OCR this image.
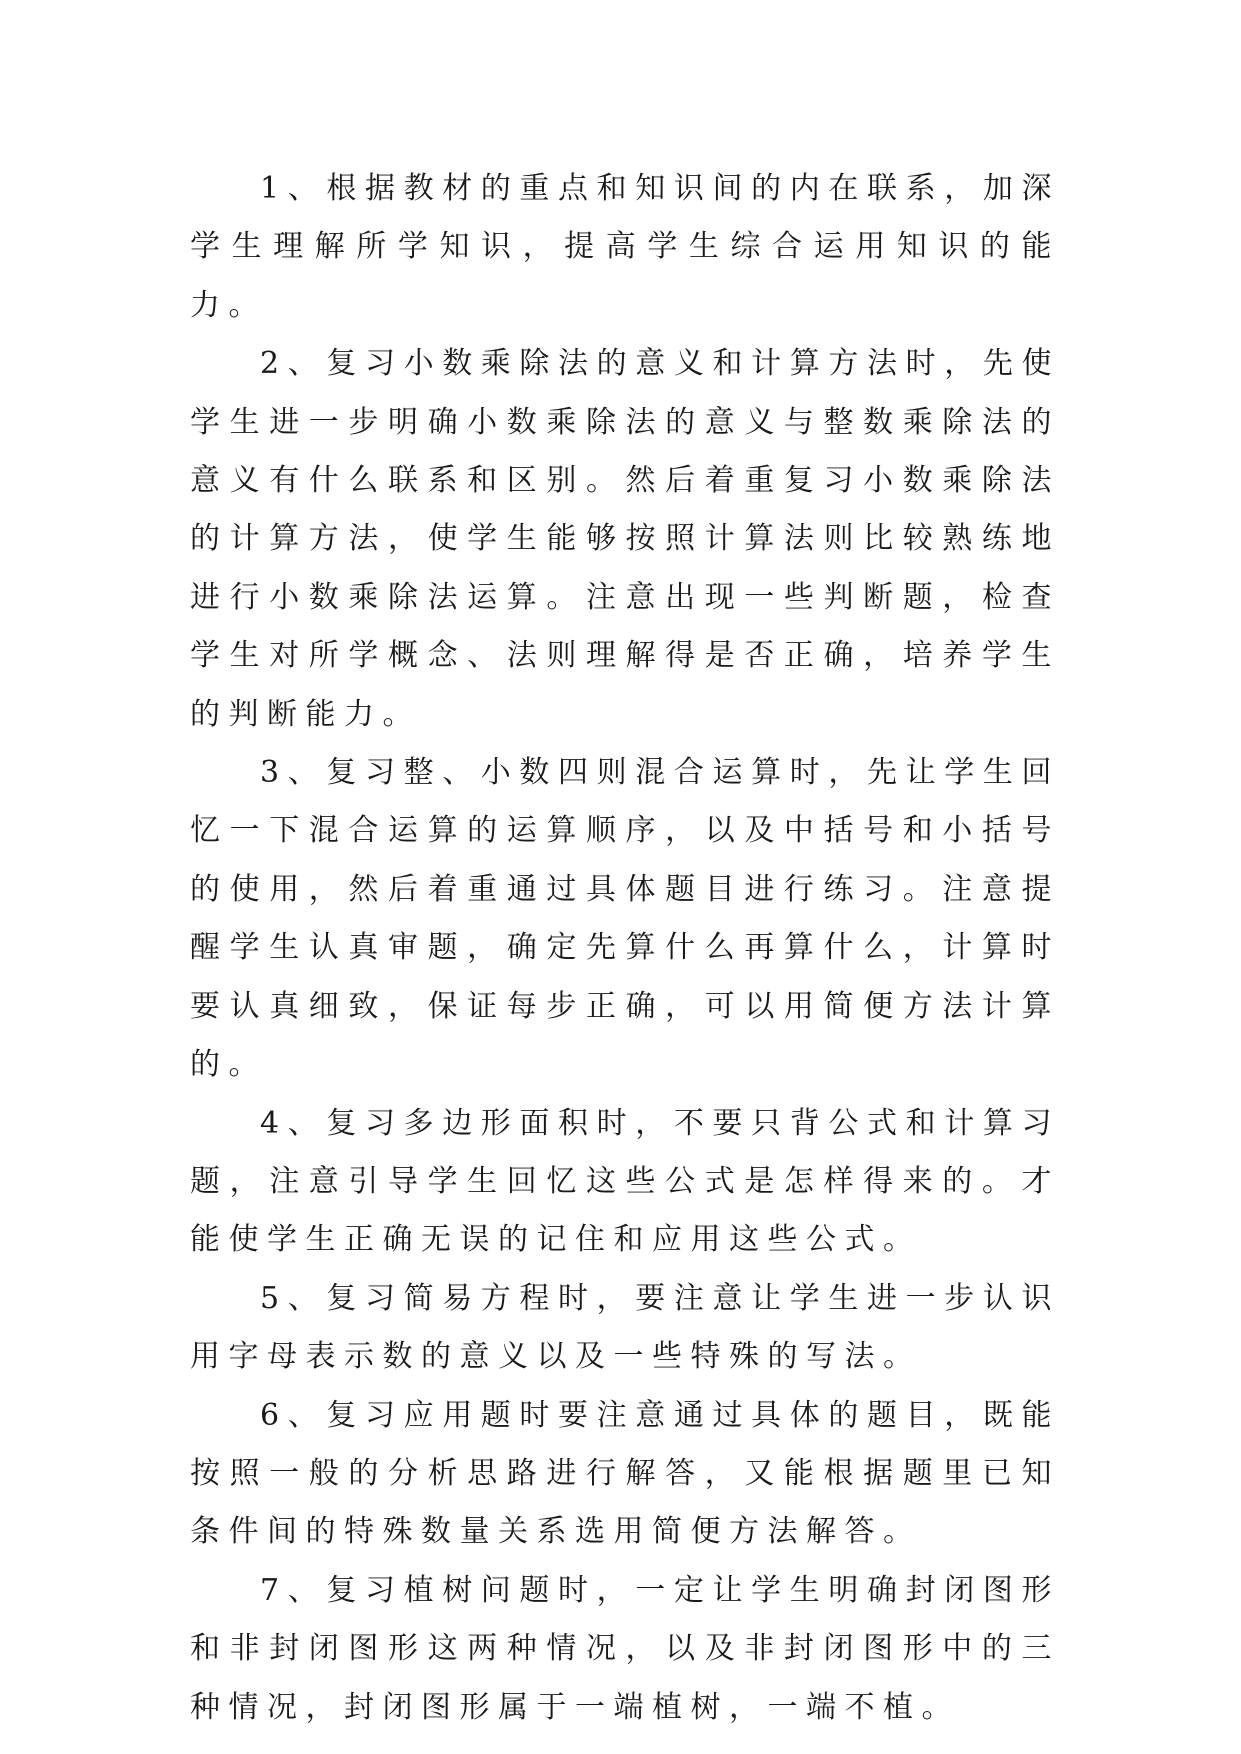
1、根据教材的重点和知识间的内在联系，加深学生理解所学知识，提高学生综合运用知识的能力。

2、复习小数乘除法的意义和计算方法时，先使学生进一步明确小数乘除法的意义与整数乘除法的意义有什么联系和区别。然后着重复习小数乘除法的计算方法，使学生能够按照计算法则比较熟练地进行小数乘除法运算。注意出现一些判断题，检查学生对所学概念、法则理解得是否正确，培养学生的判断能力。

3、复习整、小数四则混合运算时，先让学生回忆一下混合运算的运算顺序，以及中括号和小括号的使用，然后着重通过具体题目进行练习。注意提醒学生认真审题，确定先算什么再算什么，计算时要认真细致，保证每步正确，可以用简便方法计算的。

4、复习多边形面积时，不要只背公式和计算习题，注意引导学生回忆这些公式是怎样得来的。才能使学生正确无误的记住和应用这些公式。

5、复习简易方程时，要注意让学生进一步认识用字母表示数的意义以及一些特殊的写法。

6、复习应用题时要注意通过具体的题目，既能按照一般的分析思路进行解答，又能根据题里已知条件间的特殊数量关系选用简便方法解答。

7、复习植树问题时，一定让学生明确封闭图形和非封闭图形这两种情况，以及非封闭图形中的三种情况，封闭图形属于一端植树，一端不植。
